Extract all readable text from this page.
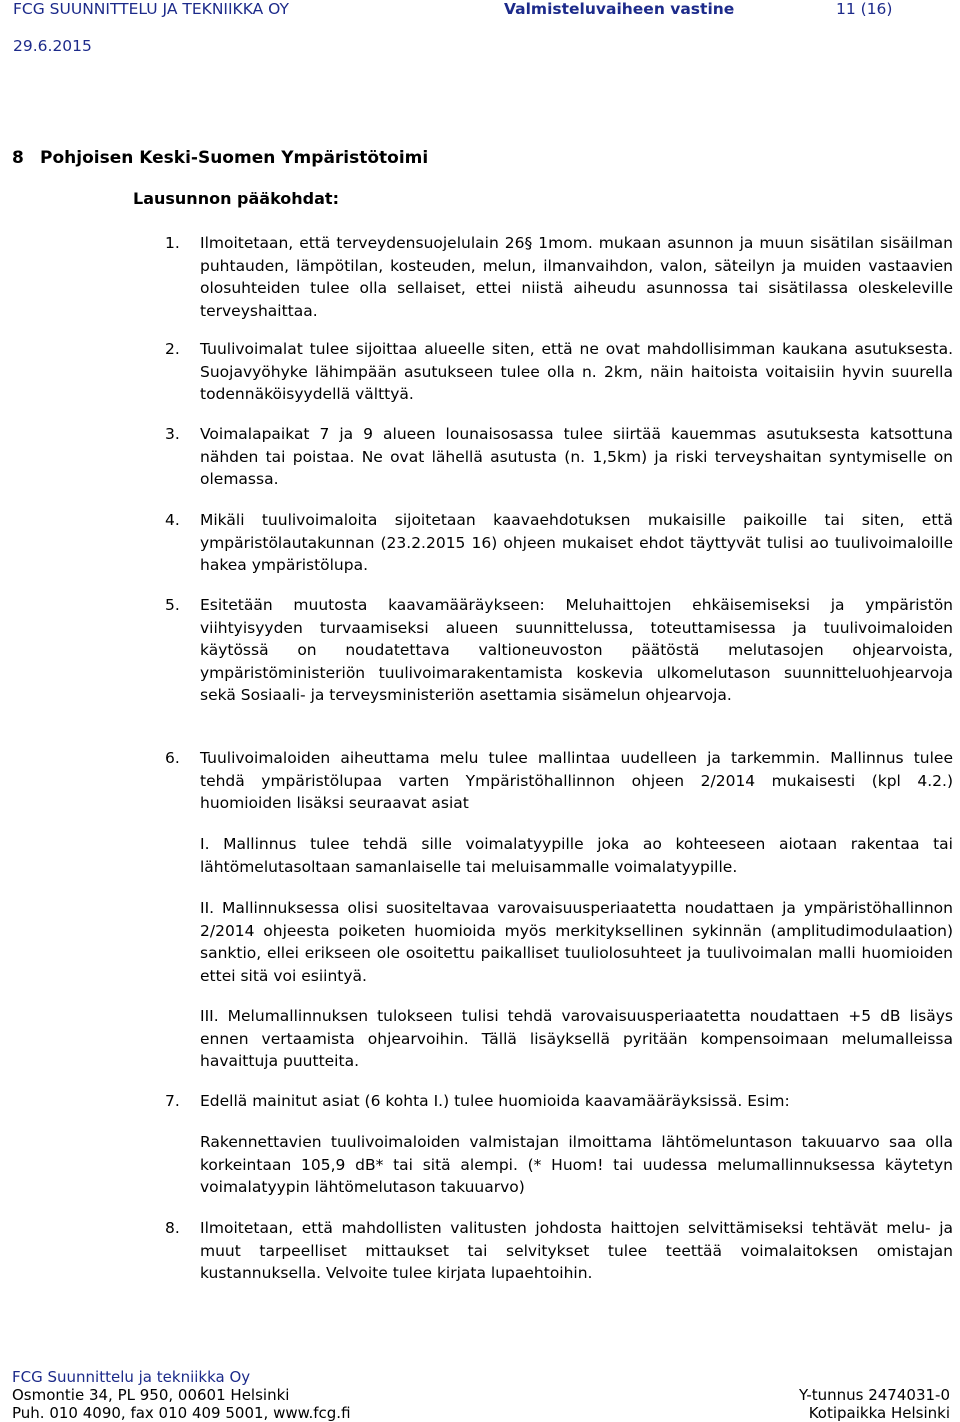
FCG SUUNNITTELU JA TEKNIIKKA OY	Valmisteluvaiheen vastine	11 (16)
29.6.2015
8 Pohjoisen Keski-Suomen Ympäristötoimi
Lausunnon pääkohdat:
1. Ilmoitetaan, että terveydensuojelulain 26§ 1mom. mukaan asunnon ja muun sisätilan sisäilman puhtauden, lämpötilan, kosteuden, melun, ilmanvaihdon, valon, säteilyn ja muiden vastaavien olosuhteiden tulee olla sellaiset, ettei niistä aiheudu asunnossa tai sisätilassa oleskeleville terveyshaittaa.

2. Tuulivoimalat tulee sijoittaa alueelle siten, että ne ovat mahdollisimman kaukana asutuksesta. Suojavyöhyke lähimpään asutukseen tulee olla n. 2km, näin haitoista voitaisiin hyvin suurella todennäköisyydellä välttyä.

3. Voimalapaikat 7 ja 9 alueen lounaisosassa tulee siirtää kauemmas asutuksesta katsottuna nähden tai poistaa. Ne ovat lähellä asutusta (n. 1,5km) ja riski terveyshaitan syntymiselle on olemassa.

4. Mikäli tuulivoimaloita sijoitetaan kaavaehdotuksen mukaisille paikoille tai siten, että ympäristölautakunnan (23.2.2015 16) ohjeen mukaiset ehdot täyttyvät tulisi ao tuulivoimaloille hakea ympäristölupa.

5. Esitetään muutosta kaavamääräykseen: Meluhaittojen ehkäisemiseksi ja ympäristön viihtyisyyden turvaamiseksi alueen suunnittelussa, toteuttamisessa ja tuulivoimaloiden käytössä on noudatettava valtioneuvoston päätöstä melutasojen ohjearvoista, ympäristöministeriön tuulivoimarakentamista koskevia ulkomelutason suunnitteluohjearvoja sekä Sosiaali- ja terveysministeriön asettamia sisämelun ohjearvoja.

6. Tuulivoimaloiden aiheuttama melu tulee mallintaa uudelleen ja tarkemmin. Mallinnus tulee tehdä ympäristölupaa varten Ympäristöhallinnon ohjeen 2/2014 mukaisesti (kpl 4.2.) huomioiden lisäksi seuraavat asiat

I. Mallinnus tulee tehdä sille voimalatyypille joka ao kohteeseen aiotaan rakentaa tai lähtömelutasoltaan samanlaiselle tai meluisammalle voimalatyypille.

II. Mallinnuksessa olisi suositeltavaa varovaisuusperiaatetta noudattaen ja ympäristöhallinnon 2/2014 ohjeesta poiketen huomioida myös merkityksellinen sykinnän (amplitudimodulaation) sanktio, ellei erikseen ole osoitettu paikalliset tuuliolosuhteet ja tuulivoimalan malli huomioiden ettei sitä voi esiintyä.

III. Melumallinnuksen tulokseen tulisi tehdä varovaisuusperiaatetta noudattaen +5 dB lisäys ennen vertaamista ohjearvoihin. Tällä lisäyksellä pyritään kompensoimaan melumalleissa havaittuja puutteita.

7. Edellä mainitut asiat (6 kohta I.) tulee huomioida kaavamääräyksissä. Esim:

Rakennettavien tuulivoimaloiden valmistajan ilmoittama lähtömeluntason takuuarvo saa olla korkeintaan 105,9 dB* tai sitä alempi. (* Huom! tai uudessa melumallinnuksessa käytetyn voimalatyypin lähtömelutason takuuarvo)

8. Ilmoitetaan, että mahdollisten valitusten johdosta haittojen selvittämiseksi tehtävät melu- ja muut tarpeelliset mittaukset tai selvitykset tulee teettää voimalaitoksen omistajan kustannuksella. Velvoite tulee kirjata lupaehtoihin.

FCG Suunnittelu ja tekniikka Oy
Osmontie 34, PL 950, 00601 Helsinki	Y-tunnus 2474031-0
Puh. 010 4090, fax 010 409 5001, www.fcg.fi	Kotipaikka Helsinki
